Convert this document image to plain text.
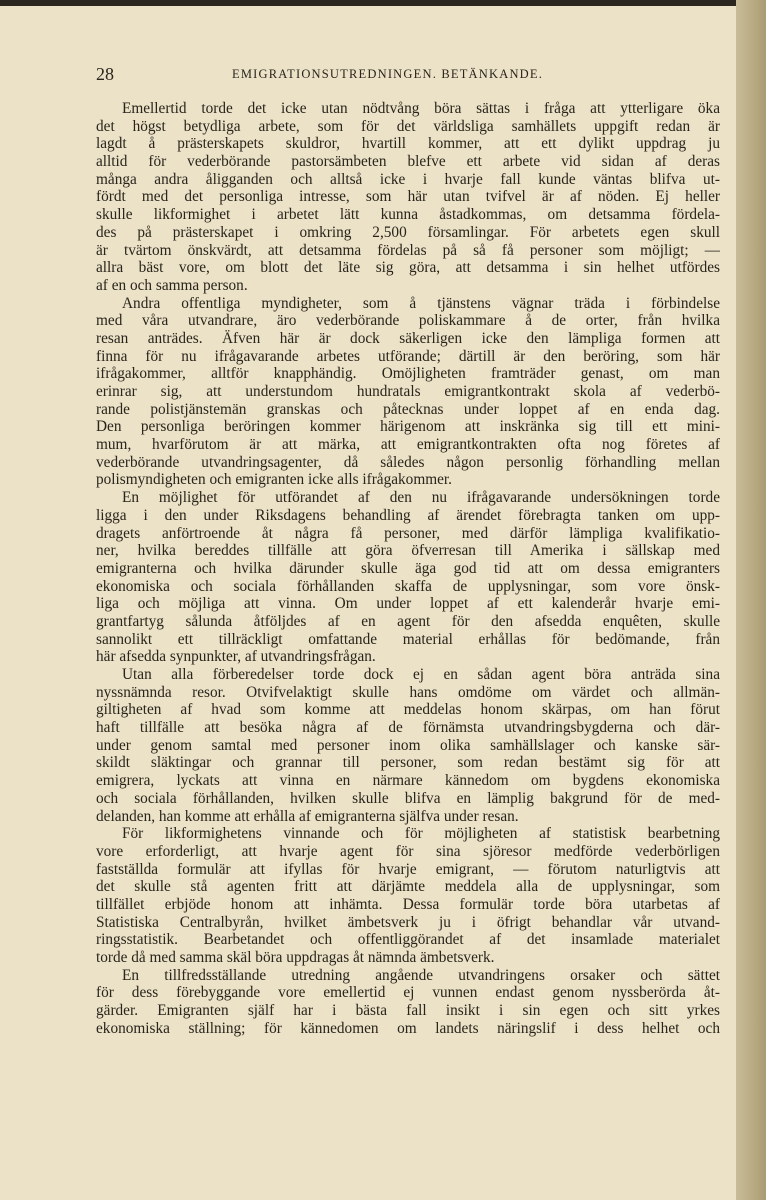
28	EMIGRATIONSUTREDNINGEN. BETÄNKANDE.

Emellertid torde det icke utan nödtvång böra sättas i fråga att ytterligare öka
det högst betydliga arbete, som för det världsliga samhällets uppgift redan är
lagdt å prästerskapets skuldror, hvartill kommer, att ett dylikt uppdrag ju
alltid för vederbörande pastorsämbeten blefve ett arbete vid sidan af deras
många andra åligganden och alltså icke i hvarje fall kunde väntas blifva ut-
fördt med det personliga intresse, som här utan tvifvel är af nöden. Ej heller
skulle likformighet i arbetet lätt kunna åstadkommas, om detsamma fördela-
des på prästerskapet i omkring 2,500 församlingar. För arbetets egen skull
är tvärtom önskvärdt, att detsamma fördelas på så få personer som möjligt; —
allra bäst vore, om blott det läte sig göra, att detsamma i sin helhet utfördes
af en och samma person.

Andra offentliga myndigheter, som å tjänstens vägnar träda i förbindelse
med våra utvandrare, äro vederbörande poliskammare å de orter, från hvilka
resan anträdes. Äfven här är dock säkerligen icke den lämpliga formen att
finna för nu ifrågavarande arbetes utförande; därtill är den beröring, som här
ifrågakommer, alltför knapphändig. Omöjligheten framträder genast, om man
erinrar sig, att understundom hundratals emigrantkontrakt skola af vederbö-
rande polistjänstemän granskas och påtecknas under loppet af en enda dag.
Den personliga beröringen kommer härigenom att inskränka sig till ett mini-
mum, hvarförutom är att märka, att emigrantkontrakten ofta nog företes af
vederbörande utvandringsagenter, då således någon personlig förhandling mellan
polismyndigheten och emigranten icke alls ifrågakommer.

En möjlighet för utförandet af den nu ifrågavarande undersökningen torde
ligga i den under Riksdagens behandling af ärendet förebragta tanken om upp-
dragets anförtroende åt några få personer, med därför lämpliga kvalifikatio-
ner, hvilka bereddes tillfälle att göra öfverresan till Amerika i sällskap med
emigranterna och hvilka därunder skulle äga god tid att om dessa emigranters
ekonomiska och sociala förhållanden skaffa de upplysningar, som vore önsk-
liga och möjliga att vinna. Om under loppet af ett kalenderår hvarje emi-
grantfartyg sålunda åtföljdes af en agent för den afsedda enquêten, skulle
sannolikt ett tillräckligt omfattande material erhållas för bedömande, från
här afsedda synpunkter, af utvandringsfrågan.

Utan alla förberedelser torde dock ej en sådan agent böra anträda sina
nyssnämnda resor. Otvifvelaktigt skulle hans omdöme om värdet och allmän-
giltigheten af hvad som komme att meddelas honom skärpas, om han förut
haft tillfälle att besöka några af de förnämsta utvandringsbygderna och där-
under genom samtal med personer inom olika samhällslager och kanske sär-
skildt släktingar och grannar till personer, som redan bestämt sig för att
emigrera, lyckats att vinna en närmare kännedom om bygdens ekonomiska
och sociala förhållanden, hvilken skulle blifva en lämplig bakgrund för de med-
delanden, han komme att erhålla af emigranterna själfva under resan.

För likformighetens vinnande och för möjligheten af statistisk bearbetning
vore erforderligt, att hvarje agent för sina sjöresor medförde vederbörligen
fastställda formulär att ifyllas för hvarje emigrant, — förutom naturligtvis att
det skulle stå agenten fritt att därjämte meddela alla de upplysningar, som
tillfället erbjöde honom att inhämta. Dessa formulär torde böra utarbetas af
Statistiska Centralbyrån, hvilket ämbetsverk ju i öfrigt behandlar vår utvand-
ringsstatistik. Bearbetandet och offentliggörandet af det insamlade materialet
torde då med samma skäl böra uppdragas åt nämnda ämbetsverk.

En tillfredsställande utredning angående utvandringens orsaker och sättet
för dess förebyggande vore emellertid ej vunnen endast genom nyssberörda åt-
gärder. Emigranten själf har i bästa fall insikt i sin egen och sitt yrkes
ekonomiska ställning; för kännedomen om landets näringslif i dess helhet och
